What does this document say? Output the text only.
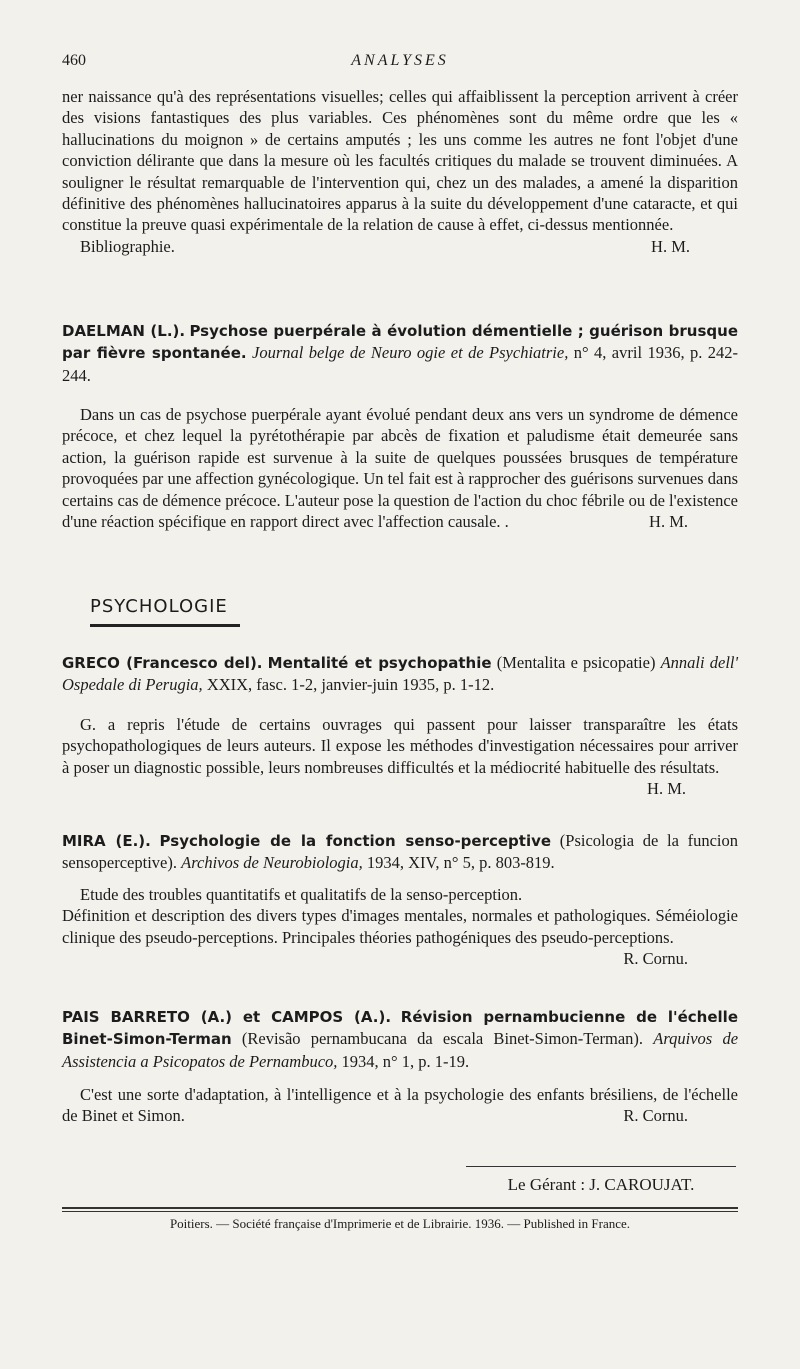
460	ANALYSES
ner naissance qu'à des représentations visuelles; celles qui affaiblissent la perception arrivent à créer des visions fantastiques des plus variables. Ces phénomènes sont du même ordre que les « hallucinations du moignon » de certains amputés ; les uns comme les autres ne font l'objet d'une conviction délirante que dans la mesure où les facultés critiques du malade se trouvent diminuées. A souligner le résultat remarquable de l'intervention qui, chez un des malades, a amené la disparition définitive des phénomènes hallucinatoires apparus à la suite du développement d'une cataracte, et qui constitue la preuve quasi expérimentale de la relation de cause à effet, ci-dessus mentionnée.
Bibliographie.	H. M.
DAELMAN (L.). Psychose puerpérale à évolution démentielle ; guérison brusque par fièvre spontanée. Journal belge de Neuro ogie et de Psychiatrie, n° 4, avril 1936, p. 242-244.
Dans un cas de psychose puerpérale ayant évolué pendant deux ans vers un syndrome de démence précoce, et chez lequel la pyrétothérapie par abcès de fixation et paludisme était demeurée sans action, la guérison rapide est survenue à la suite de quelques poussées brusques de température provoquées par une affection gynécologique. Un tel fait est à rapprocher des guérisons survenues dans certains cas de démence précoce. L'auteur pose la question de l'action du choc fébrile ou de l'existence d'une réaction spécifique en rapport direct avec l'affection causale. .	H. M.
PSYCHOLOGIE
GRECO (Francesco del). Mentalité et psychopathie (Mentalita e psicopatie) Annali dell' Ospedale di Perugia, XXIX, fasc. 1-2, janvier-juin 1935, p. 1-12.
G. a repris l'étude de certains ouvrages qui passent pour laisser transparaître les états psychopathologiques de leurs auteurs. Il expose les méthodes d'investigation nécessaires pour arriver à poser un diagnostic possible, leurs nombreuses difficultés et la médiocrité habituelle des résultats.
H. M.
MIRA (E.). Psychologie de la fonction senso-perceptive (Psicologia de la funcion sensoperceptive). Archivos de Neurobiologia, 1934, XIV, n° 5, p. 803-819.
Etude des troubles quantitatifs et qualitatifs de la senso-perception.
Définition et description des divers types d'images mentales, normales et pathologiques. Séméiologie clinique des pseudo-perceptions. Principales théories pathogéniques des pseudo-perceptions.
R. Cornu.
PAIS BARRETO (A.) et CAMPOS (A.). Révision pernambucienne de l'échelle Binet-Simon-Terman (Revisão pernambucana da escala Binet-Simon-Terman). Arquivos de Assistencia a Psicopatos de Pernambuco, 1934, n° 1, p. 1-19.
C'est une sorte d'adaptation, à l'intelligence et à la psychologie des enfants brésiliens, de l'échelle de Binet et Simon.	R. Cornu.
Le Gérant : J. CAROUJAT.
Poitiers. — Société française d'Imprimerie et de Librairie. 1936. — Published in France.
